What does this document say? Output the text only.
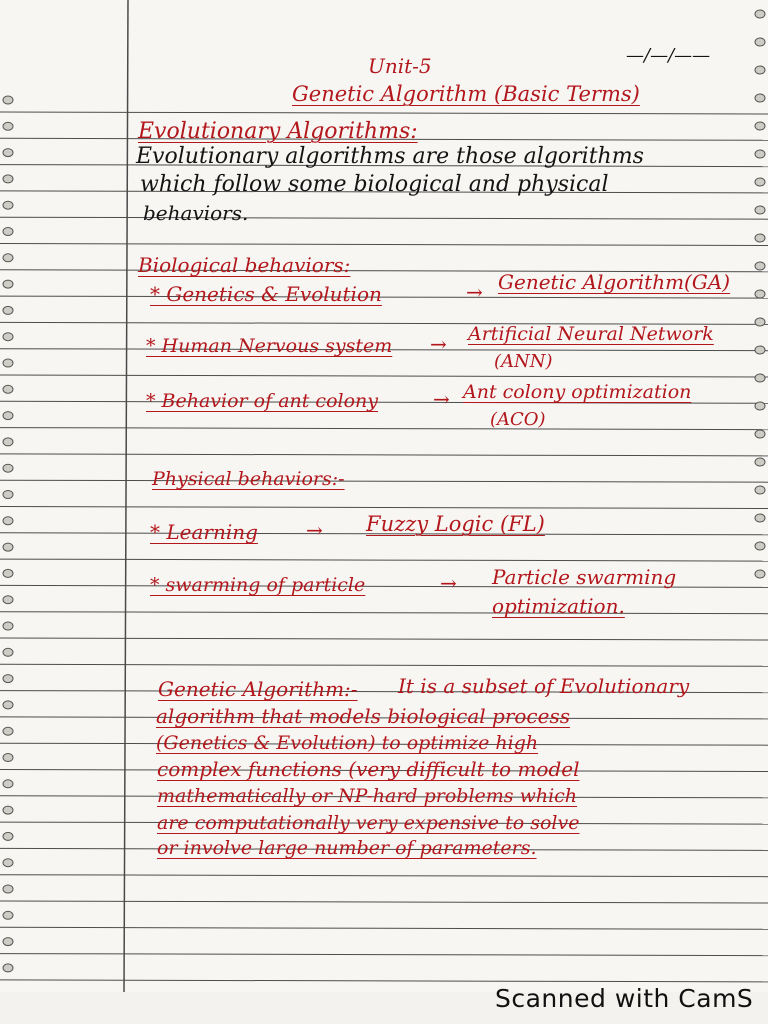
Unit-5	—/—/——
Genetic Algorithm (Basic Terms)
Evolutionary Algorithms:
Evolutionary algorithms are those algorithms
which follow some biological and physical
behaviors.
Biological behaviors:
* Genetics & Evolution	→ Genetic Algorithm(GA)
* Human Nervous system → Artificial Neural Network
(ANN)
* Behavior of ant colony	→ Ant colony optimization
(ACO)
Physical behaviors:-
* Learning → Fuzzy Logic (FL)
* swarming of particle	→ Particle swarming
optimization.
Genetic Algorithm:- It is a subset of Evolutionary
algorithm that models biological process
(Genetics & Evolution) to optimize high
complex functions (very difficult to model
mathematically or NP-hard problems which
are computationally very expensive to solve
or involve large number of parameters.
Scanned with CamS
